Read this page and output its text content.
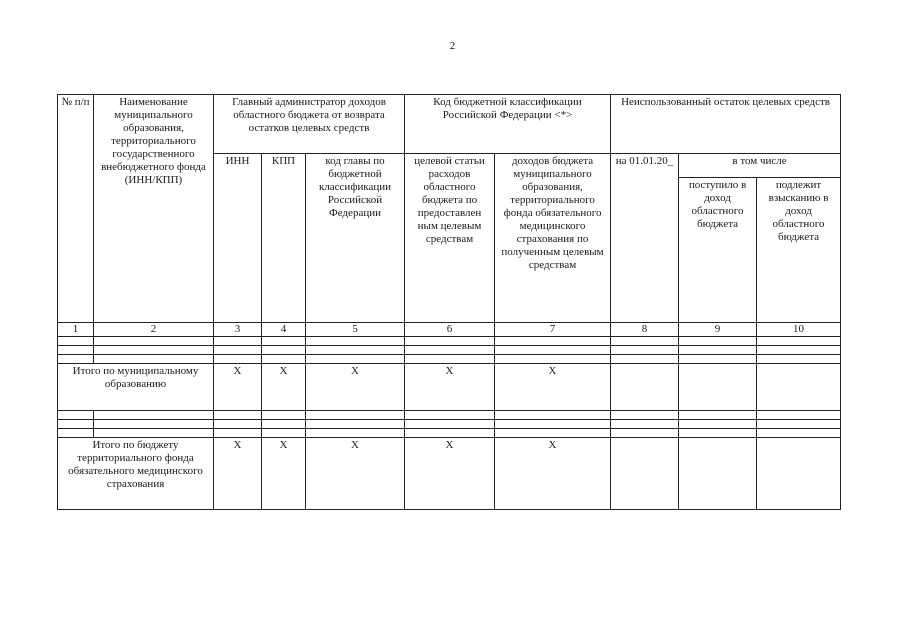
2
№ п/п	Наименование муниципального образования, территориального государственного внебюджетного фонда (ИНН/КПП)	Главный администратор доходов областного бюджета от возврата остатков целевых средств			Код бюджетной классификации Российской Федерации <*>		Неиспользованный остаток целевых средств		
		ИНН	КПП	код главы по бюджетной классификации Российской Федерации	целевой статьи расходов областного бюджета по предоставлен ным целевым средствам	доходов бюджета муниципального образования, территориального фонда обязательного медицинского страхования по полученным целевым средствам	на 01.01.20_	в том числе	
								поступило в доход областного бюджета	подлежит взысканию в доход областного бюджета
1	2	3	4	5	6	7	8	9	10

Итого по муниципальному образованию		Х	Х	Х	Х	Х			

Итого по бюджету территориального фонда обязательного медицинского страхования		Х	Х	Х	Х	Х			
